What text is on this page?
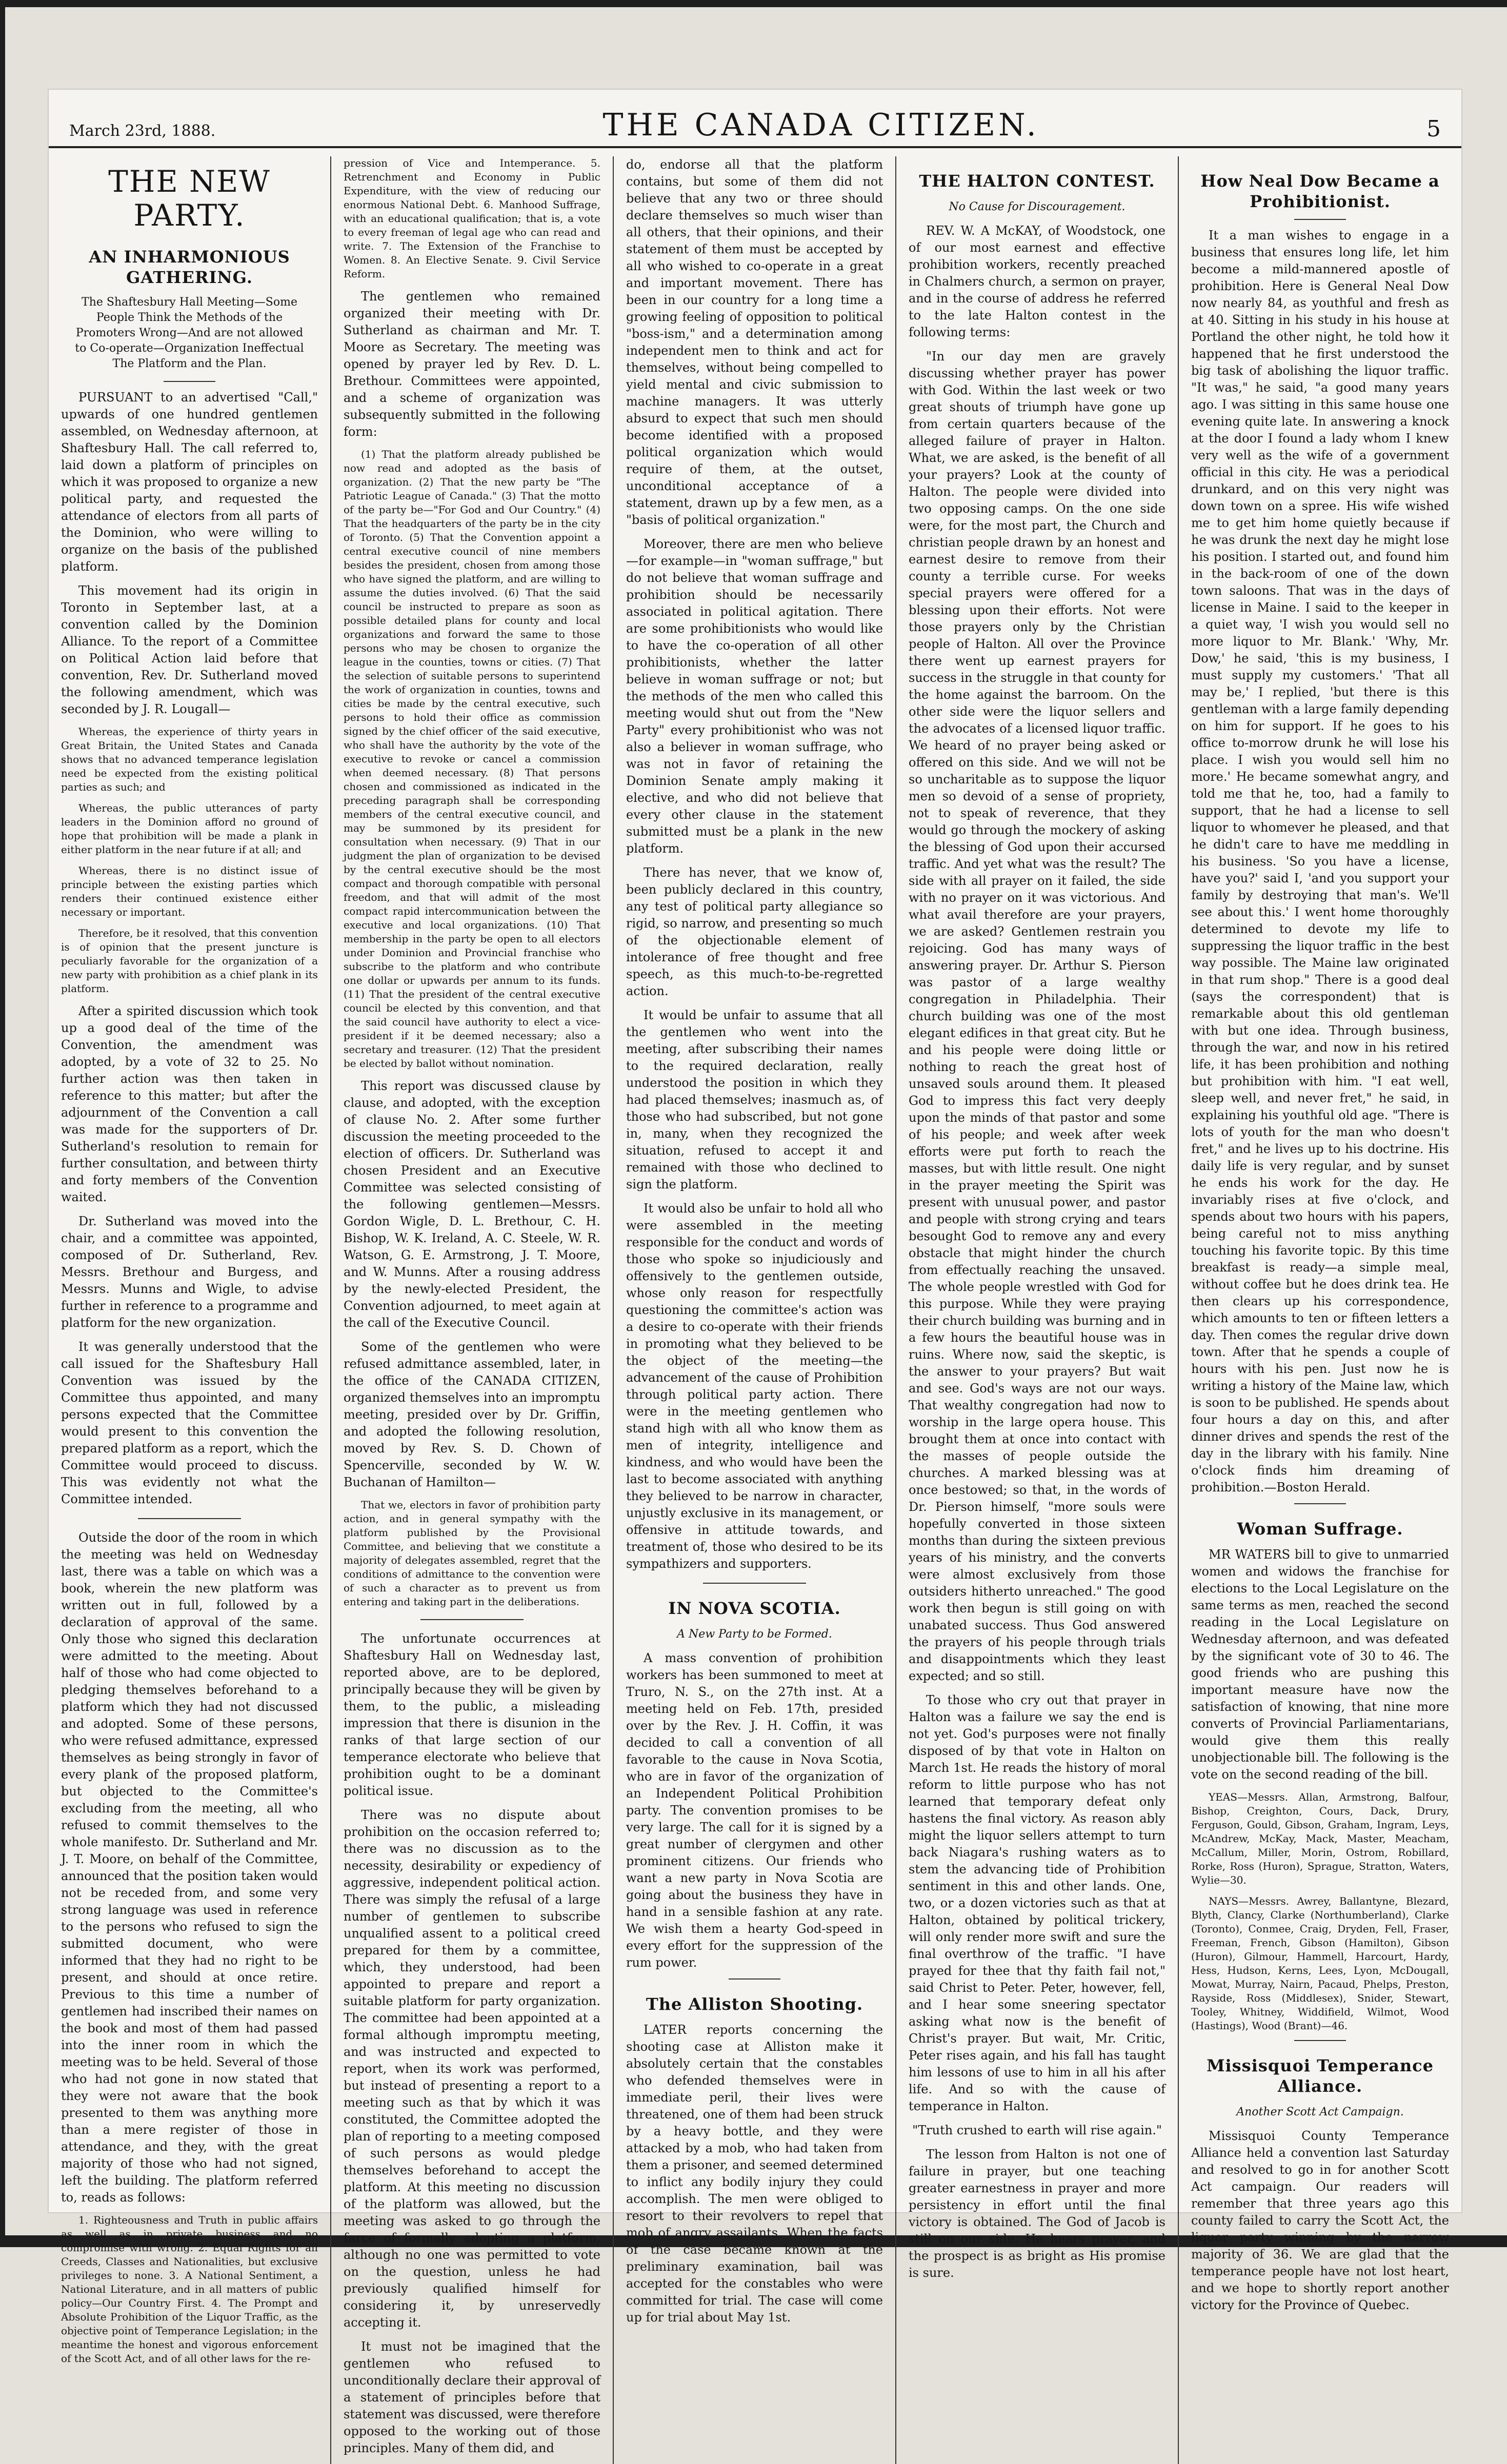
March 23rd, 1888.	THE CANADA CITIZEN.	5
THE NEW PARTY.
AN INHARMONIOUS GATHERING.
The Shaftesbury Hall Meeting—Some People Think the Methods of the Promoters Wrong—And are not allowed to Co-operate—Organization Ineffectual The Platform and the Plan.

PURSUANT to an advertised "Call," upwards of one hundred gentlemen assembled, on Wednesday afternoon, at Shaftesbury Hall. The call referred to, laid down a platform of principles on which it was proposed to organize a new political party, and requested the attendance of electors from all parts of the Dominion, who were willing to organize on the basis of the published platform.

This movement had its origin in Toronto in September last, at a convention called by the Dominion Alliance. To the report of a Committee on Political Action laid before that convention, Rev. Dr. Sutherland moved the following amendment, which was seconded by J. R. Lougall—

Whereas, the experience of thirty years in Great Britain, the United States and Canada shows that no advanced temperance legislation need be expected from the existing political parties as such; and

Whereas, the public utterances of party leaders in the Dominion afford no ground of hope that prohibition will be made a plank in either platform in the near future if at all; and

Whereas, there is no distinct issue of principle between the existing parties which renders their continued existence either necessary or important.

Therefore, be it resolved, that this convention is of opinion that the present juncture is peculiarly favorable for the organization of a new party with prohibition as a chief plank in its platform.

After a spirited discussion which took up a good deal of the time of the Convention, the amendment was adopted, by a vote of 32 to 25. No further action was then taken in reference to this matter; but after the adjournment of the Convention a call was made for the supporters of Dr. Sutherland's resolution to remain for further consultation, and between thirty and forty members of the Convention waited.

Dr. Sutherland was moved into the chair, and a committee was appointed, composed of Dr. Sutherland, Rev. Messrs. Brethour and Burgess, and Messrs. Munns and Wigle, to advise further in reference to a programme and platform for the new organization.

It was generally understood that the call issued for the Shaftesbury Hall Convention was issued by the Committee thus appointed, and many persons expected that the Committee would present to this convention the prepared platform as a report, which the Committee would proceed to discuss. This was evidently not what the Committee intended.

Outside the door of the room in which the meeting was held on Wednesday last, there was a table on which was a book, wherein the new platform was written out in full, followed by a declaration of approval of the same. Only those who signed this declaration were admitted to the meeting. About half of those who had come objected to pledging themselves beforehand to a platform which they had not discussed and adopted. Some of these persons, who were refused admittance, expressed themselves as being strongly in favor of every plank of the proposed platform, but objected to the Committee's excluding from the meeting, all who refused to commit themselves to the whole manifesto. Dr. Sutherland and Mr. J. T. Moore, on behalf of the Committee, announced that the position taken would not be receded from, and some very strong language was used in reference to the persons who refused to sign the submitted document, who were informed that they had no right to be present, and should at once retire. Previous to this time a number of gentlemen had inscribed their names on the book and most of them had passed into the inner room in which the meeting was to be held. Several of those who had not gone in now stated that they were not aware that the book presented to them was anything more than a mere register of those in attendance, and they, with the great majority of those who had not signed, left the building. The platform referred to, reads as follows:

1. Righteousness and Truth in public affairs as well as in private business and no compromise with wrong. 2. Equal Rights for all Creeds, Classes and Nationalities, but exclusive privileges to none. 3. A National Sentiment, a National Literature, and in all matters of public policy—Our Country First. 4. The Prompt and Absolute Prohibition of the Liquor Traffic, as the objective point of Temperance Legislation; in the meantime the honest and vigorous enforcement of the Scott Act, and of all other laws for the re-

pression of Vice and Intemperance. 5. Retrenchment and Economy in Public Expenditure, with the view of reducing our enormous National Debt. 6. Manhood Suffrage, with an educational qualification; that is, a vote to every freeman of legal age who can read and write. 7. The Extension of the Franchise to Women. 8. An Elective Senate. 9. Civil Service Reform.

The gentlemen who remained organized their meeting with Dr. Sutherland as chairman and Mr. T. Moore as Secretary. The meeting was opened by prayer led by Rev. D. L. Brethour. Committees were appointed, and a scheme of organization was subsequently submitted in the following form:

(1) That the platform already published be now read and adopted as the basis of organization. (2) That the new party be "The Patriotic League of Canada." (3) That the motto of the party be—"For God and Our Country." (4) That the headquarters of the party be in the city of Toronto. (5) That the Convention appoint a central executive council of nine members besides the president, chosen from among those who have signed the platform, and are willing to assume the duties involved. (6) That the said council be instructed to prepare as soon as possible detailed plans for county and local organizations and forward the same to those persons who may be chosen to organize the league in the counties, towns or cities. (7) That the selection of suitable persons to superintend the work of organization in counties, towns and cities be made by the central executive, such persons to hold their office as commission signed by the chief officer of the said executive, who shall have the authority by the vote of the executive to revoke or cancel a commission when deemed necessary. (8) That persons chosen and commissioned as indicated in the preceding paragraph shall be corresponding members of the central executive council, and may be summoned by its president for consultation when necessary. (9) That in our judgment the plan of organization to be devised by the central executive should be the most compact and thorough compatible with personal freedom, and that will admit of the most compact rapid intercommunication between the executive and local organizations. (10) That membership in the party be open to all electors under Dominion and Provincial franchise who subscribe to the platform and who contribute one dollar or upwards per annum to its funds. (11) That the president of the central executive council be elected by this convention, and that the said council have authority to elect a vice-president if it be deemed necessary; also a secretary and treasurer. (12) That the president be elected by ballot without nomination.

This report was discussed clause by clause, and adopted, with the exception of clause No. 2. After some further discussion the meeting proceeded to the election of officers. Dr. Sutherland was chosen President and an Executive Committee was selected consisting of the following gentlemen—Messrs. Gordon Wigle, D. L. Brethour, C. H. Bishop, W. K. Ireland, A. C. Steele, W. R. Watson, G. E. Armstrong, J. T. Moore, and W. Munns. After a rousing address by the newly-elected President, the Convention adjourned, to meet again at the call of the Executive Council.

Some of the gentlemen who were refused admittance assembled, later, in the office of the CANADA CITIZEN, organized themselves into an impromptu meeting, presided over by Dr. Griffin, and adopted the following resolution, moved by Rev. S. D. Chown of Spencerville, seconded by W. W. Buchanan of Hamilton—

That we, electors in favor of prohibition party action, and in general sympathy with the platform published by the Provisional Committee, and believing that we constitute a majority of delegates assembled, regret that the conditions of admittance to the convention were of such a character as to prevent us from entering and taking part in the deliberations.

The unfortunate occurrences at Shaftesbury Hall on Wednesday last, reported above, are to be deplored, principally because they will be given by them, to the public, a misleading impression that there is disunion in the ranks of that large section of our temperance electorate who believe that prohibition ought to be a dominant political issue.

There was no dispute about prohibition on the occasion referred to; there was no discussion as to the necessity, desirability or expediency of aggressive, independent political action. There was simply the refusal of a large number of gentlemen to subscribe unqualified assent to a political creed prepared for them by a committee, which, they understood, had been appointed to prepare and report a suitable platform for party organization. The committee had been appointed at a formal although impromptu meeting, and was instructed and expected to report, when its work was performed, but instead of presenting a report to a meeting such as that by which it was constituted, the Committee adopted the plan of reporting to a meeting composed of such persons as would pledge themselves beforehand to accept the platform. At this meeting no discussion of the platform was allowed, but the meeting was asked to go through the farce of formally adopting a platform, although no one was permitted to vote on the question, unless he had previously qualified himself for considering it, by unreservedly accepting it.

It must not be imagined that the gentlemen who refused to unconditionally declare their approval of a statement of principles before that statement was discussed, were therefore opposed to the working out of those principles. Many of them did, and

do, endorse all that the platform contains, but some of them did not believe that any two or three should declare themselves so much wiser than all others, that their opinions, and their statement of them must be accepted by all who wished to co-operate in a great and important movement. There has been in our country for a long time a growing feeling of opposition to political "boss-ism," and a determination among independent men to think and act for themselves, without being compelled to yield mental and civic submission to machine managers. It was utterly absurd to expect that such men should become identified with a proposed political organization which would require of them, at the outset, unconditional acceptance of a statement, drawn up by a few men, as a "basis of political organization."

Moreover, there are men who believe —for example—in "woman suffrage," but do not believe that woman suffrage and prohibition should be necessarily associated in political agitation. There are some prohibitionists who would like to have the co-operation of all other prohibitionists, whether the latter believe in woman suffrage or not; but the methods of the men who called this meeting would shut out from the "New Party" every prohibitionist who was not also a believer in woman suffrage, who was not in favor of retaining the Dominion Senate amply making it elective, and who did not believe that every other clause in the statement submitted must be a plank in the new platform.

There has never, that we know of, been publicly declared in this country, any test of political party allegiance so rigid, so narrow, and presenting so much of the objectionable element of intolerance of free thought and free speech, as this much-to-be-regretted action.

It would be unfair to assume that all the gentlemen who went into the meeting, after subscribing their names to the required declaration, really understood the position in which they had placed themselves; inasmuch as, of those who had subscribed, but not gone in, many, when they recognized the situation, refused to accept it and remained with those who declined to sign the platform.

It would also be unfair to hold all who were assembled in the meeting responsible for the conduct and words of those who spoke so injudiciously and offensively to the gentlemen outside, whose only reason for respectfully questioning the committee's action was a desire to co-operate with their friends in promoting what they believed to be the object of the meeting—the advancement of the cause of Prohibition through political party action. There were in the meeting gentlemen who stand high with all who know them as men of integrity, intelligence and kindness, and who would have been the last to become associated with anything they believed to be narrow in character, unjustly exclusive in its management, or offensive in attitude towards, and treatment of, those who desired to be its sympathizers and supporters.

IN NOVA SCOTIA.
A New Party to be Formed.

A mass convention of prohibition workers has been summoned to meet at Truro, N. S., on the 27th inst. At a meeting held on Feb. 17th, presided over by the Rev. J. H. Coffin, it was decided to call a convention of all favorable to the cause in Nova Scotia, who are in favor of the organization of an Independent Political Prohibition party. The convention promises to be very large. The call for it is signed by a great number of clergymen and other prominent citizens. Our friends who want a new party in Nova Scotia are going about the business they have in hand in a sensible fashion at any rate. We wish them a hearty God-speed in every effort for the suppression of the rum power.

The Alliston Shooting.

LATER reports concerning the shooting case at Alliston make it absolutely certain that the constables who defended themselves were in immediate peril, their lives were threatened, one of them had been struck by a heavy bottle, and they were attacked by a mob, who had taken from them a prisoner, and seemed determined to inflict any bodily injury they could accomplish. The men were obliged to resort to their revolvers to repel that mob of angry assailants. When the facts of the case became known at the preliminary examination, bail was accepted for the constables who were committed for trial. The case will come up for trial about May 1st.

THE HALTON CONTEST.
No Cause for Discouragement.

REV. W. A McKAY, of Woodstock, one of our most earnest and effective prohibition workers, recently preached in Chalmers church, a sermon on prayer, and in the course of address he referred to the late Halton contest in the following terms:

"In our day men are gravely discussing whether prayer has power with God. Within the last week or two great shouts of triumph have gone up from certain quarters because of the alleged failure of prayer in Halton. What, we are asked, is the benefit of all your prayers? Look at the county of Halton. The people were divided into two opposing camps. On the one side were, for the most part, the Church and christian people drawn by an honest and earnest desire to remove from their county a terrible curse. For weeks special prayers were offered for a blessing upon their efforts. Not were those prayers only by the Christian people of Halton. All over the Province there went up earnest prayers for success in the struggle in that county for the home against the barroom. On the other side were the liquor sellers and the advocates of a licensed liquor traffic. We heard of no prayer being asked or offered on this side. And we will not be so uncharitable as to suppose the liquor men so devoid of a sense of propriety, not to speak of reverence, that they would go through the mockery of asking the blessing of God upon their accursed traffic. And yet what was the result? The side with all prayer on it failed, the side with no prayer on it was victorious. And what avail therefore are your prayers, we are asked? Gentlemen restrain you rejoicing. God has many ways of answering prayer. Dr. Arthur S. Pierson was pastor of a large wealthy congregation in Philadelphia. Their church building was one of the most elegant edifices in that great city. But he and his people were doing little or nothing to reach the great host of unsaved souls around them. It pleased God to impress this fact very deeply upon the minds of that pastor and some of his people; and week after week efforts were put forth to reach the masses, but with little result. One night in the prayer meeting the Spirit was present with unusual power, and pastor and people with strong crying and tears besought God to remove any and every obstacle that might hinder the church from effectually reaching the unsaved. The whole people wrestled with God for this purpose. While they were praying their church building was burning and in a few hours the beautiful house was in ruins. Where now, said the skeptic, is the answer to your prayers? But wait and see. God's ways are not our ways. That wealthy congregation had now to worship in the large opera house. This brought them at once into contact with the masses of people outside the churches. A marked blessing was at once bestowed; so that, in the words of Dr. Pierson himself, "more souls were hopefully converted in those sixteen months than during the sixteen previous years of his ministry, and the converts were almost exclusively from those outsiders hitherto unreached." The good work then begun is still going on with unabated success. Thus God answered the prayers of his people through trials and disappointments which they least expected; and so still.

To those who cry out that prayer in Halton was a failure we say the end is not yet. God's purposes were not finally disposed of by that vote in Halton on March 1st. He reads the history of moral reform to little purpose who has not learned that temporary defeat only hastens the final victory. As reason ably might the liquor sellers attempt to turn back Niagara's rushing waters as to stem the advancing tide of Prohibition sentiment in this and other lands. One, two, or a dozen victories such as that at Halton, obtained by political trickery, will only render more swift and sure the final overthrow of the traffic. "I have prayed for thee that thy faith fail not," said Christ to Peter. Peter, however, fell, and I hear some sneering spectator asking what now is the benefit of Christ's prayer. But wait, Mr. Critic, Peter rises again, and his fall has taught him lessons of use to him in all his after life. And so with the cause of temperance in Halton.

"Truth crushed to earth will rise again."

The lesson from Halton is not one of failure in prayer, but one teaching greater earnestness in prayer and more persistency in effort until the final victory is obtained. The God of Jacob is still on our side. He hears prayer, and the prospect is as bright as His promise is sure.

How Neal Dow Became a Prohibitionist.

It a man wishes to engage in a business that ensures long life, let him become a mild-mannered apostle of prohibition. Here is General Neal Dow now nearly 84, as youthful and fresh as at 40. Sitting in his study in his house at Portland the other night, he told how it happened that he first understood the big task of abolishing the liquor traffic. "It was," he said, "a good many years ago. I was sitting in this same house one evening quite late. In answering a knock at the door I found a lady whom I knew very well as the wife of a government official in this city. He was a periodical drunkard, and on this very night was down town on a spree. His wife wished me to get him home quietly because if he was drunk the next day he might lose his position. I started out, and found him in the back-room of one of the down town saloons. That was in the days of license in Maine. I said to the keeper in a quiet way, 'I wish you would sell no more liquor to Mr. Blank.' 'Why, Mr. Dow,' he said, 'this is my business, I must supply my customers.' 'That all may be,' I replied, 'but there is this gentleman with a large family depending on him for support. If he goes to his office to-morrow drunk he will lose his place. I wish you would sell him no more.' He became somewhat angry, and told me that he, too, had a family to support, that he had a license to sell liquor to whomever he pleased, and that he didn't care to have me meddling in his business. 'So you have a license, have you?' said I, 'and you support your family by destroying that man's. We'll see about this.' I went home thoroughly determined to devote my life to suppressing the liquor traffic in the best way possible. The Maine law originated in that rum shop." There is a good deal (says the correspondent) that is remarkable about this old gentleman with but one idea. Through business, through the war, and now in his retired life, it has been prohibition and nothing but prohibition with him. "I eat well, sleep well, and never fret," he said, in explaining his youthful old age. "There is lots of youth for the man who doesn't fret," and he lives up to his doctrine. His daily life is very regular, and by sunset he ends his work for the day. He invariably rises at five o'clock, and spends about two hours with his papers, being careful not to miss anything touching his favorite topic. By this time breakfast is ready—a simple meal, without coffee but he does drink tea. He then clears up his correspondence, which amounts to ten or fifteen letters a day. Then comes the regular drive down town. After that he spends a couple of hours with his pen. Just now he is writing a history of the Maine law, which is soon to be published. He spends about four hours a day on this, and after dinner drives and spends the rest of the day in the library with his family. Nine o'clock finds him dreaming of prohibition.—Boston Herald.

Woman Suffrage.

MR WATERS bill to give to unmarried women and widows the franchise for elections to the Local Legislature on the same terms as men, reached the second reading in the Local Legislature on Wednesday afternoon, and was defeated by the significant vote of 30 to 46. The good friends who are pushing this important measure have now the satisfaction of knowing, that nine more converts of Provincial Parliamentarians, would give them this really unobjectionable bill. The following is the vote on the second reading of the bill.

YEAS—Messrs. Allan, Armstrong, Balfour, Bishop, Creighton, Cours, Dack, Drury, Ferguson, Gould, Gibson, Graham, Ingram, Leys, McAndrew, McKay, Mack, Master, Meacham, McCallum, Miller, Morin, Ostrom, Robillard, Rorke, Ross (Huron), Sprague, Stratton, Waters, Wylie—30.

NAYS—Messrs. Awrey, Ballantyne, Blezard, Blyth, Clancy, Clarke (Northumberland), Clarke (Toronto), Conmee, Craig, Dryden, Fell, Fraser, Freeman, French, Gibson (Hamilton), Gibson (Huron), Gilmour, Hammell, Harcourt, Hardy, Hess, Hudson, Kerns, Lees, Lyon, McDougall, Mowat, Murray, Nairn, Pacaud, Phelps, Preston, Rayside, Ross (Middlesex), Snider, Stewart, Tooley, Whitney, Widdifield, Wilmot, Wood (Hastings), Wood (Brant)—46.

Missisquoi Temperance Alliance.
Another Scott Act Campaign.

Missisquoi County Temperance Alliance held a convention last Saturday and resolved to go in for another Scott Act campaign. Our readers will remember that three years ago this county failed to carry the Scott Act, the liquor party winning by the narrow majority of 36. We are glad that the temperance people have not lost heart, and we hope to shortly report another victory for the Province of Quebec.
